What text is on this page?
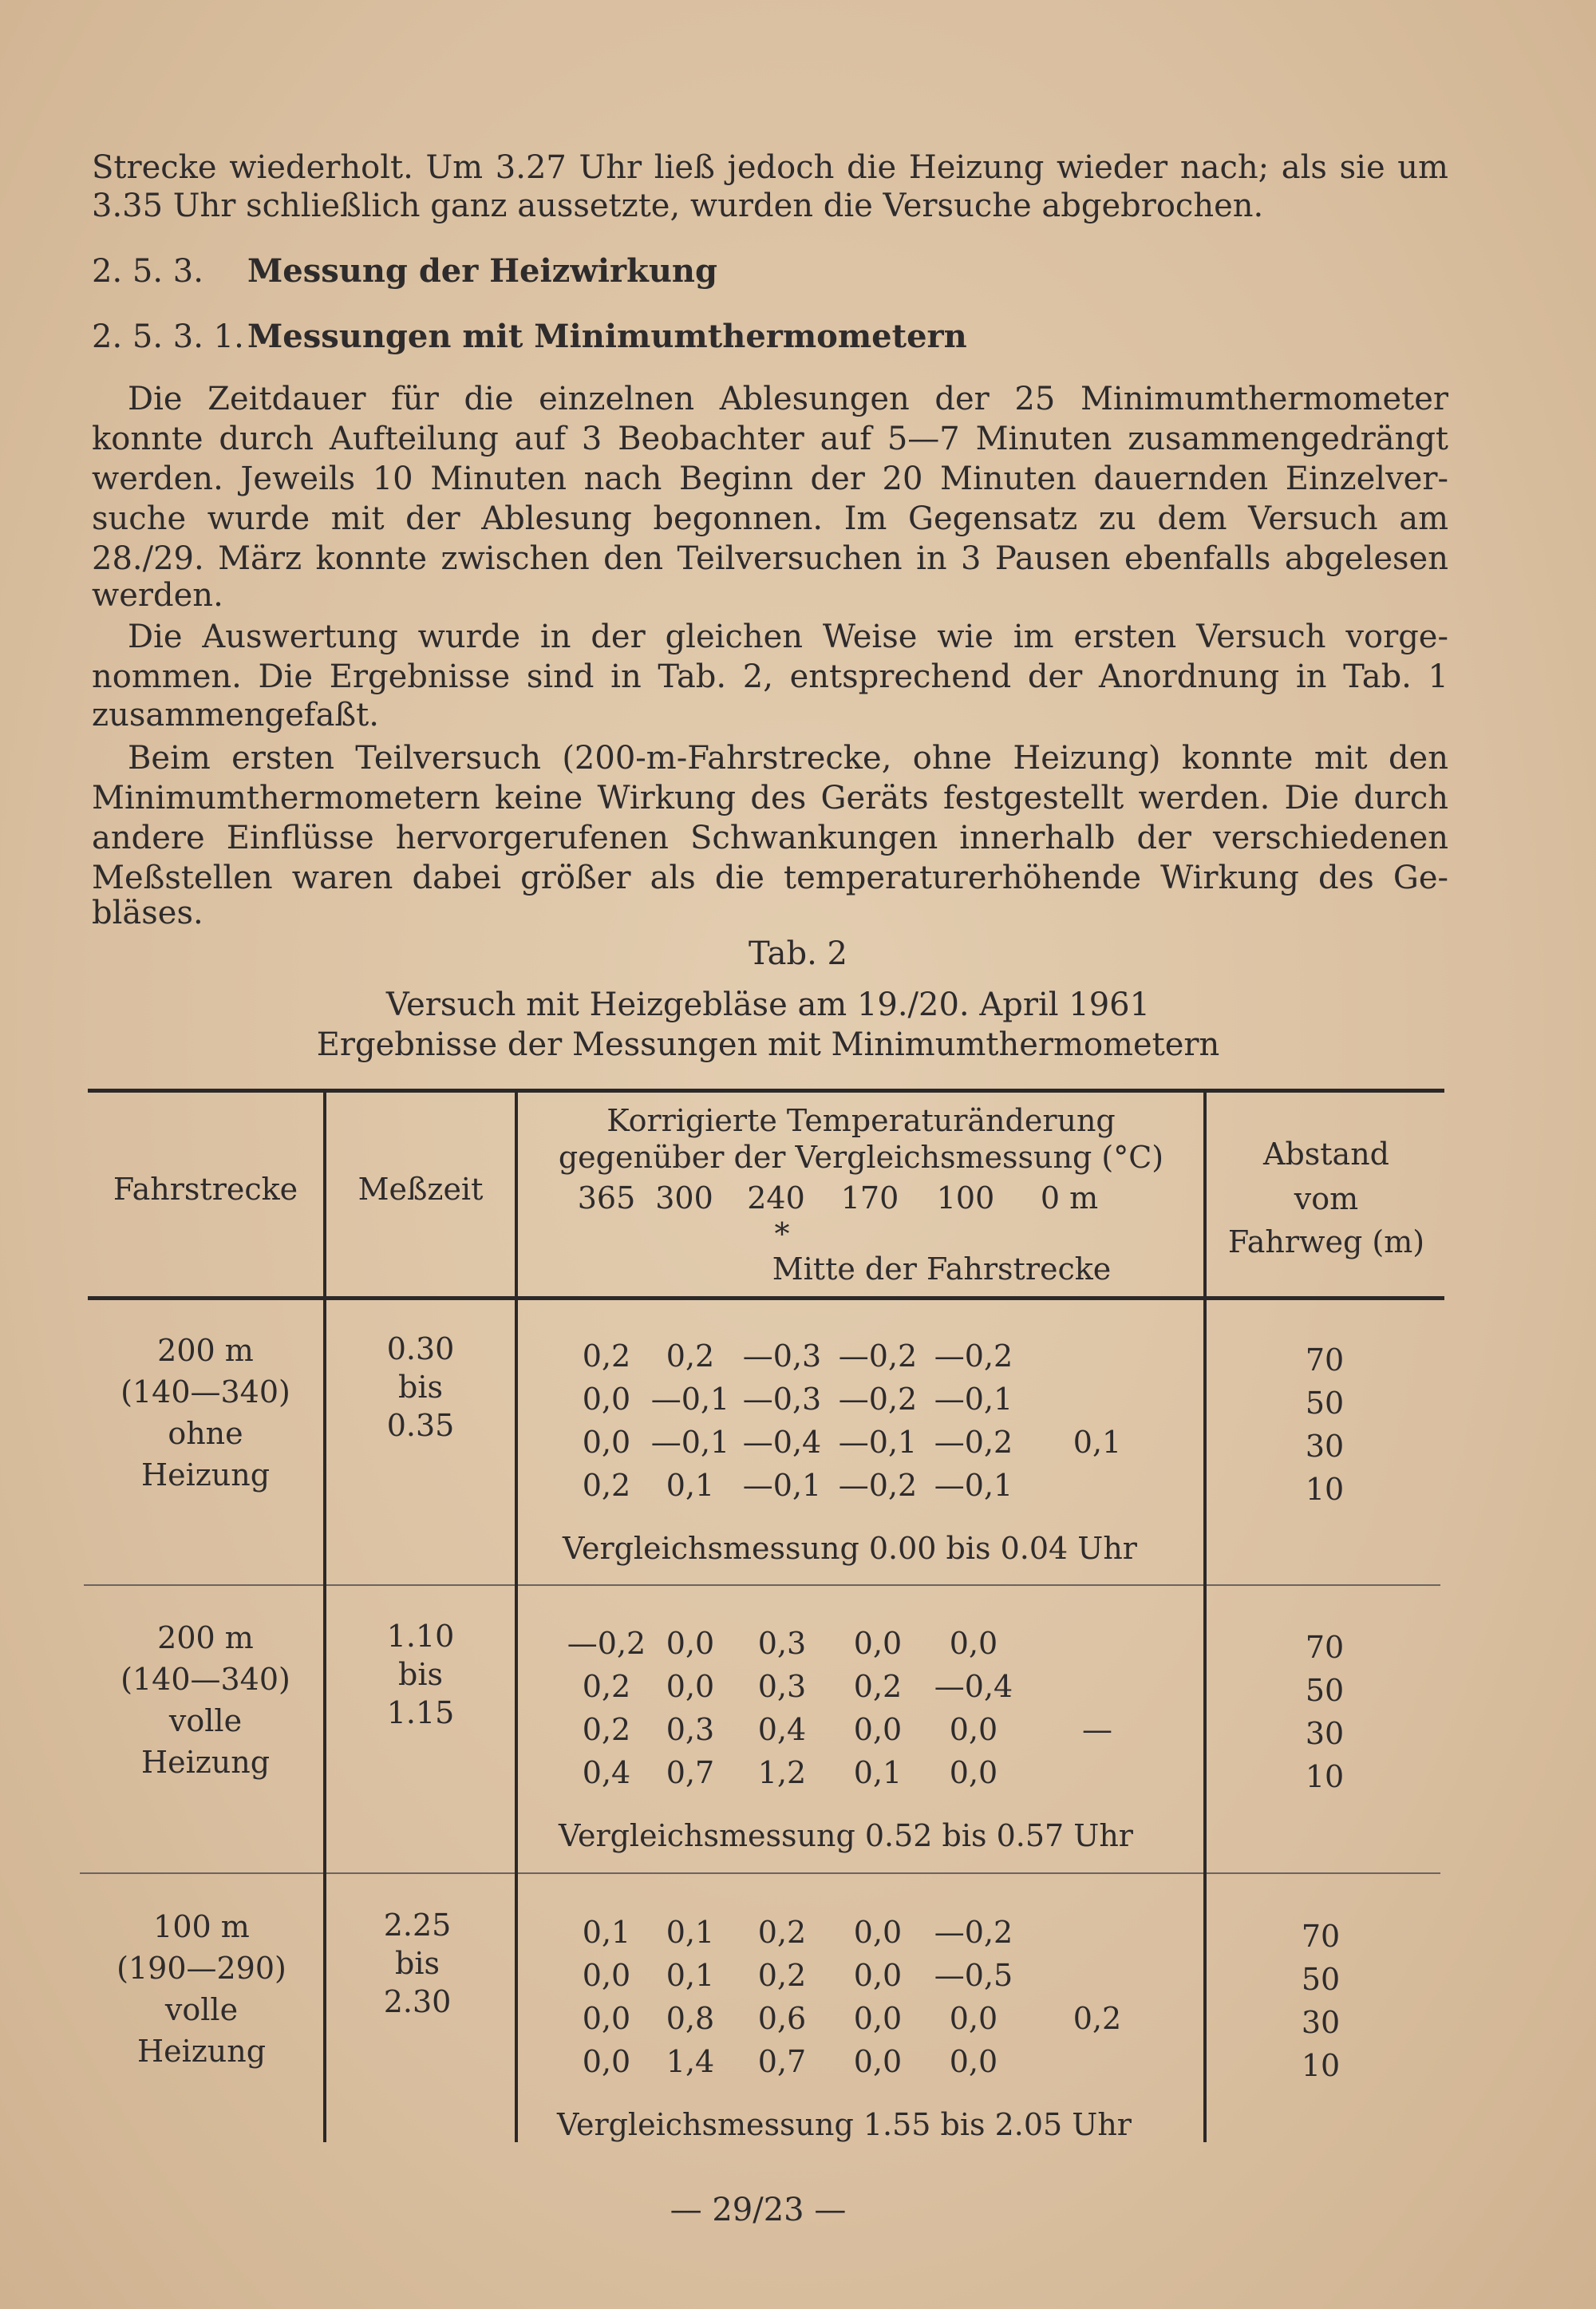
Strecke wiederholt. Um 3.27 Uhr ließ jedoch die Heizung wieder nach; als sie um
3.35 Uhr schließlich ganz aussetzte, wurden die Versuche abgebrochen.
2. 5. 3. Messung der Heizwirkung
2. 5. 3. 1. Messungen mit Minimumthermometern
Die Zeitdauer für die einzelnen Ablesungen der 25 Minimumthermometer
konnte durch Aufteilung auf 3 Beobachter auf 5—7 Minuten zusammengedrängt
werden. Jeweils 10 Minuten nach Beginn der 20 Minuten dauernden Einzelver-
suche wurde mit der Ablesung begonnen. Im Gegensatz zu dem Versuch am
28./29. März konnte zwischen den Teilversuchen in 3 Pausen ebenfalls abgelesen
werden.
Die Auswertung wurde in der gleichen Weise wie im ersten Versuch vorge-
nommen. Die Ergebnisse sind in Tab. 2, entsprechend der Anordnung in Tab. 1
zusammengefaßt.
Beim ersten Teilversuch (200-m-Fahrstrecke, ohne Heizung) konnte mit den
Minimumthermometern keine Wirkung des Geräts festgestellt werden. Die durch
andere Einflüsse hervorgerufenen Schwankungen innerhalb der verschiedenen
Meßstellen waren dabei größer als die temperaturerhöhende Wirkung des Ge-
bläses.
Tab. 2
Versuch mit Heizgebläse am 19./20. April 1961
Ergebnisse der Messungen mit Minimumthermometern
Fahrstrecke	Meßzeit
Korrigierte Temperaturänderung
gegenüber der Vergleichsmessung (°C)
365 300 240 170 100 0 m
*
Mitte der Fahrstrecke
Abstand
vom
Fahrweg (m)
200 m
(140—340)
ohne
Heizung
0.30
bis
0.35
0,2 0,2 —0,3 —0,2 —0,2
0,0 —0,1 —0,3 —0,2 —0,1
0,0 —0,1 —0,4 —0,1 —0,2 0,1
0,2 0,1 —0,1 —0,2 —0,1
70
50
30
10
Vergleichsmessung 0.00 bis 0.04 Uhr
200 m
(140—340)
volle
Heizung
1.10
bis
1.15
—0,2 0,0 0,3 0,0 0,0
0,2 0,0 0,3 0,2 —0,4
0,2 0,3 0,4 0,0 0,0	—
0,4 0,7 1,2 0,1 0,0
70
50
30
10
Vergleichsmessung 0.52 bis 0.57 Uhr
100 m
(190—290)
volle
Heizung
2.25
bis
2.30
0,1 0,1 0,2 0,0 —0,2
0,0 0,1 0,2 0,0 —0,5
0,0 0,8 0,6 0,0 0,0 0,2
0,0 1,4 0,7 0,0 0,0
70
50
30
10
Vergleichsmessung 1.55 bis 2.05 Uhr
— 29/23 —
